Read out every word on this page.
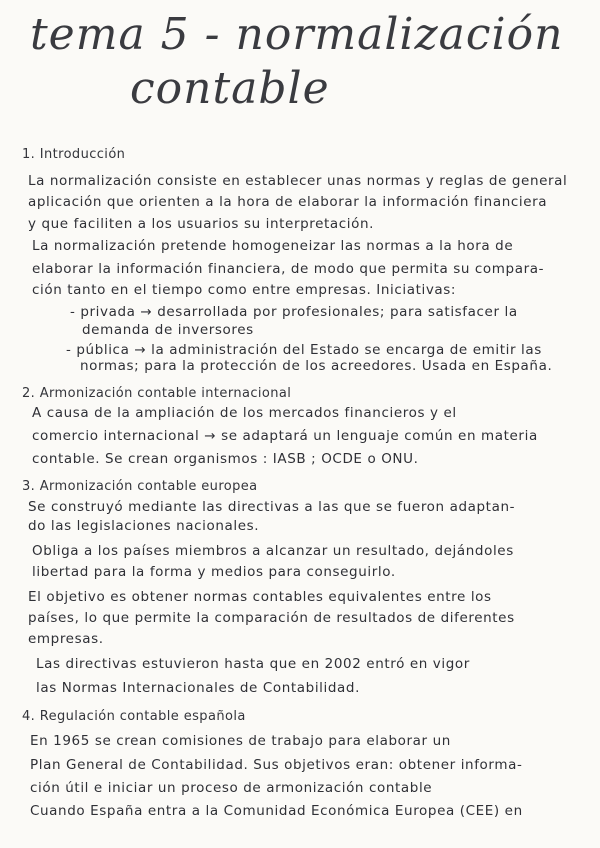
tema 5 - normalización
contable
1. Introducción
La normalización consiste en establecer unas normas y reglas de general
aplicación que orienten a la hora de elaborar la información financiera
y que faciliten a los usuarios su interpretación.
La normalización pretende homogeneizar las normas a la hora de
elaborar la información financiera, de modo que permita su compara-
ción tanto en el tiempo como entre empresas. Iniciativas:
- privada → desarrollada por profesionales; para satisfacer la
demanda de inversores
- pública → la administración del Estado se encarga de emitir las
normas; para la protección de los acreedores. Usada en España.
2. Armonización contable internacional
A causa de la ampliación de los mercados financieros y el
comercio internacional → se adaptará un lenguaje común en materia
contable. Se crean organismos : IASB ; OCDE o ONU.
3. Armonización contable europea
Se construyó mediante las directivas a las que se fueron adaptan-
do las legislaciones nacionales.
Obliga a los países miembros a alcanzar un resultado, dejándoles
libertad para la forma y medios para conseguirlo.
El objetivo es obtener normas contables equivalentes entre los
países, lo que permite la comparación de resultados de diferentes
empresas.
Las directivas estuvieron hasta que en 2002 entró en vigor
las Normas Internacionales de Contabilidad.
4. Regulación contable española
En 1965 se crean comisiones de trabajo para elaborar un
Plan General de Contabilidad. Sus objetivos eran: obtener informa-
ción útil e iniciar un proceso de armonización contable
Cuando España entra a la Comunidad Económica Europea (CEE) en
